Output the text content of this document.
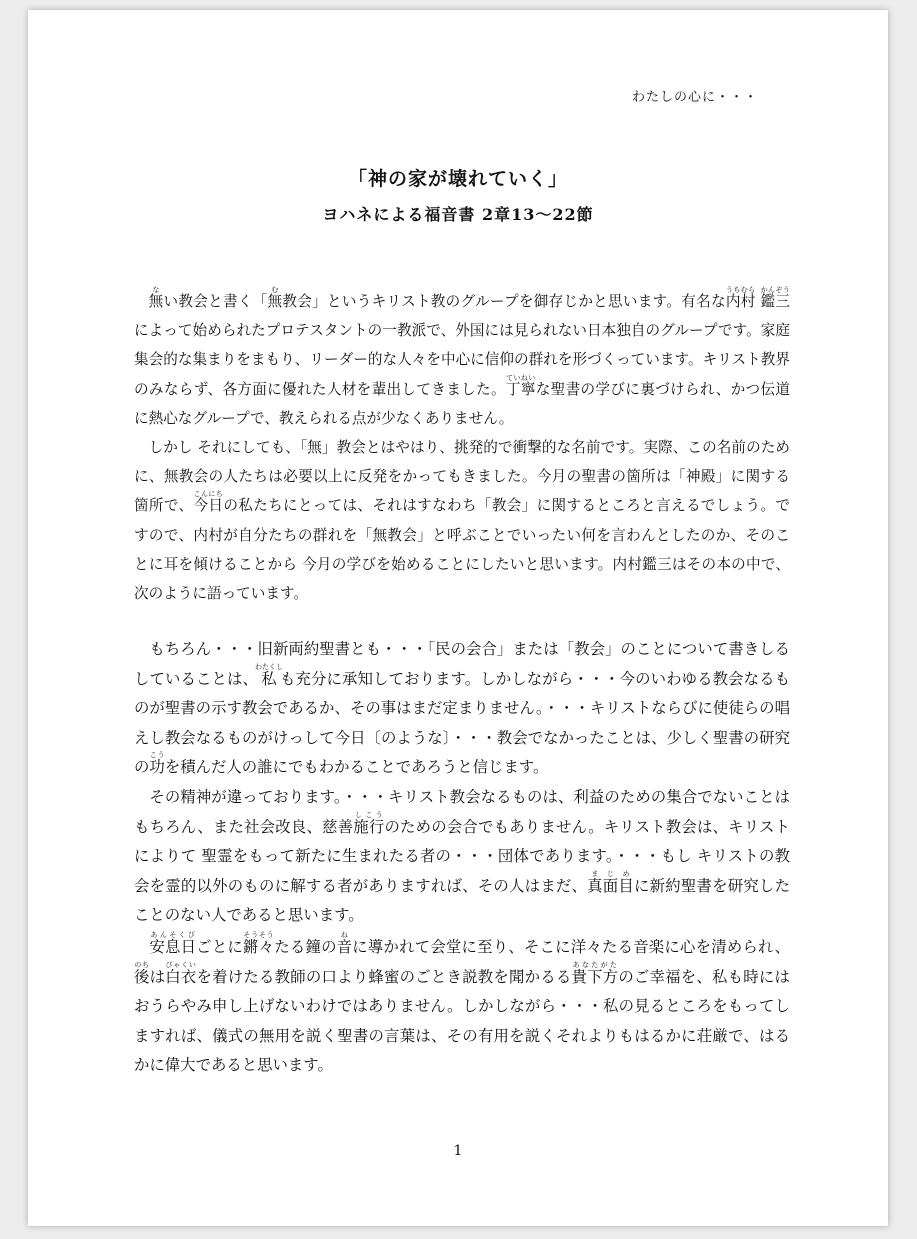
わたしの心に・・・
「神の家が壊れていく」
ヨハネによる福音書 2章13〜22節

無ない教会と書く「無む教会」というキリスト教のグループを御存じかと思います。有名な内村うちむら 鑑三かんぞうによって始められたプロテスタントの一教派で、外国には見られない日本独自のグループです。家庭集会的な集まりをまもり、リーダー的な人々を中心に信仰の群れを形づくっています。キリスト教界のみならず、各方面に優れた人材を輩出してきました。丁寧ていねいな聖書の学びに裏づけられ、かつ伝道に熱心なグループで、教えられる点が少なくありません。

しかし それにしても、「無」教会とはやはり、挑発的で衝撃的な名前です。実際、この名前のために、無教会の人たちは必要以上に反発をかってもきました。今月の聖書の箇所は「神殿」に関する箇所で、今日こんにちの私たちにとっては、それはすなわち「教会」に関するところと言えるでしょう。ですので、内村が自分たちの群れを「無教会」と呼ぶことでいったい何を言わんとしたのか、そのことに耳を傾けることから 今月の学びを始めることにしたいと思います。内村鑑三はその本の中で、次のように語っています。

もちろん・・・旧新両約聖書とも・・・「民の会合」または「教会」のことについて書きしるしていることは、私わたくしも充分に承知しております。しかしながら・・・今のいわゆる教会なるものが聖書の示す教会であるか、その事はまだ定まりません。・・・キリストならびに使徒らの唱えし教会なるものがけっして今日〔のような〕・・・教会でなかったことは、少しく聖書の研究の功こうを積んだ人の誰にでもわかることであろうと信じます。

その精神が違っております。・・・キリスト教会なるものは、利益のための集合でないことはもちろん、また社会改良、慈善施行しこうのための会合でもありません。キリスト教会は、キリストによりて 聖霊をもって新たに生まれたる者の・・・団体であります。・・・もし キリストの教会を霊的以外のものに解する者がありますれば、その人はまだ、真面目まじめに新約聖書を研究したことのない人であると思います。

安息日あんそくびごとに鏘々そうそうたる鐘の音ねに導かれて会堂に至り、そこに洋々たる音楽に心を清められ、後のちは白衣びゃくいを着けたる教師の口より蜂蜜のごとき説教を聞かるる貴下方あなたがたのご幸福を、私も時にはおうらやみ申し上げないわけではありません。しかしながら・・・私の見るところをもってしますれば、儀式の無用を説く聖書の言葉は、その有用を説くそれよりもはるかに荘厳で、はるかに偉大であると思います。

1
